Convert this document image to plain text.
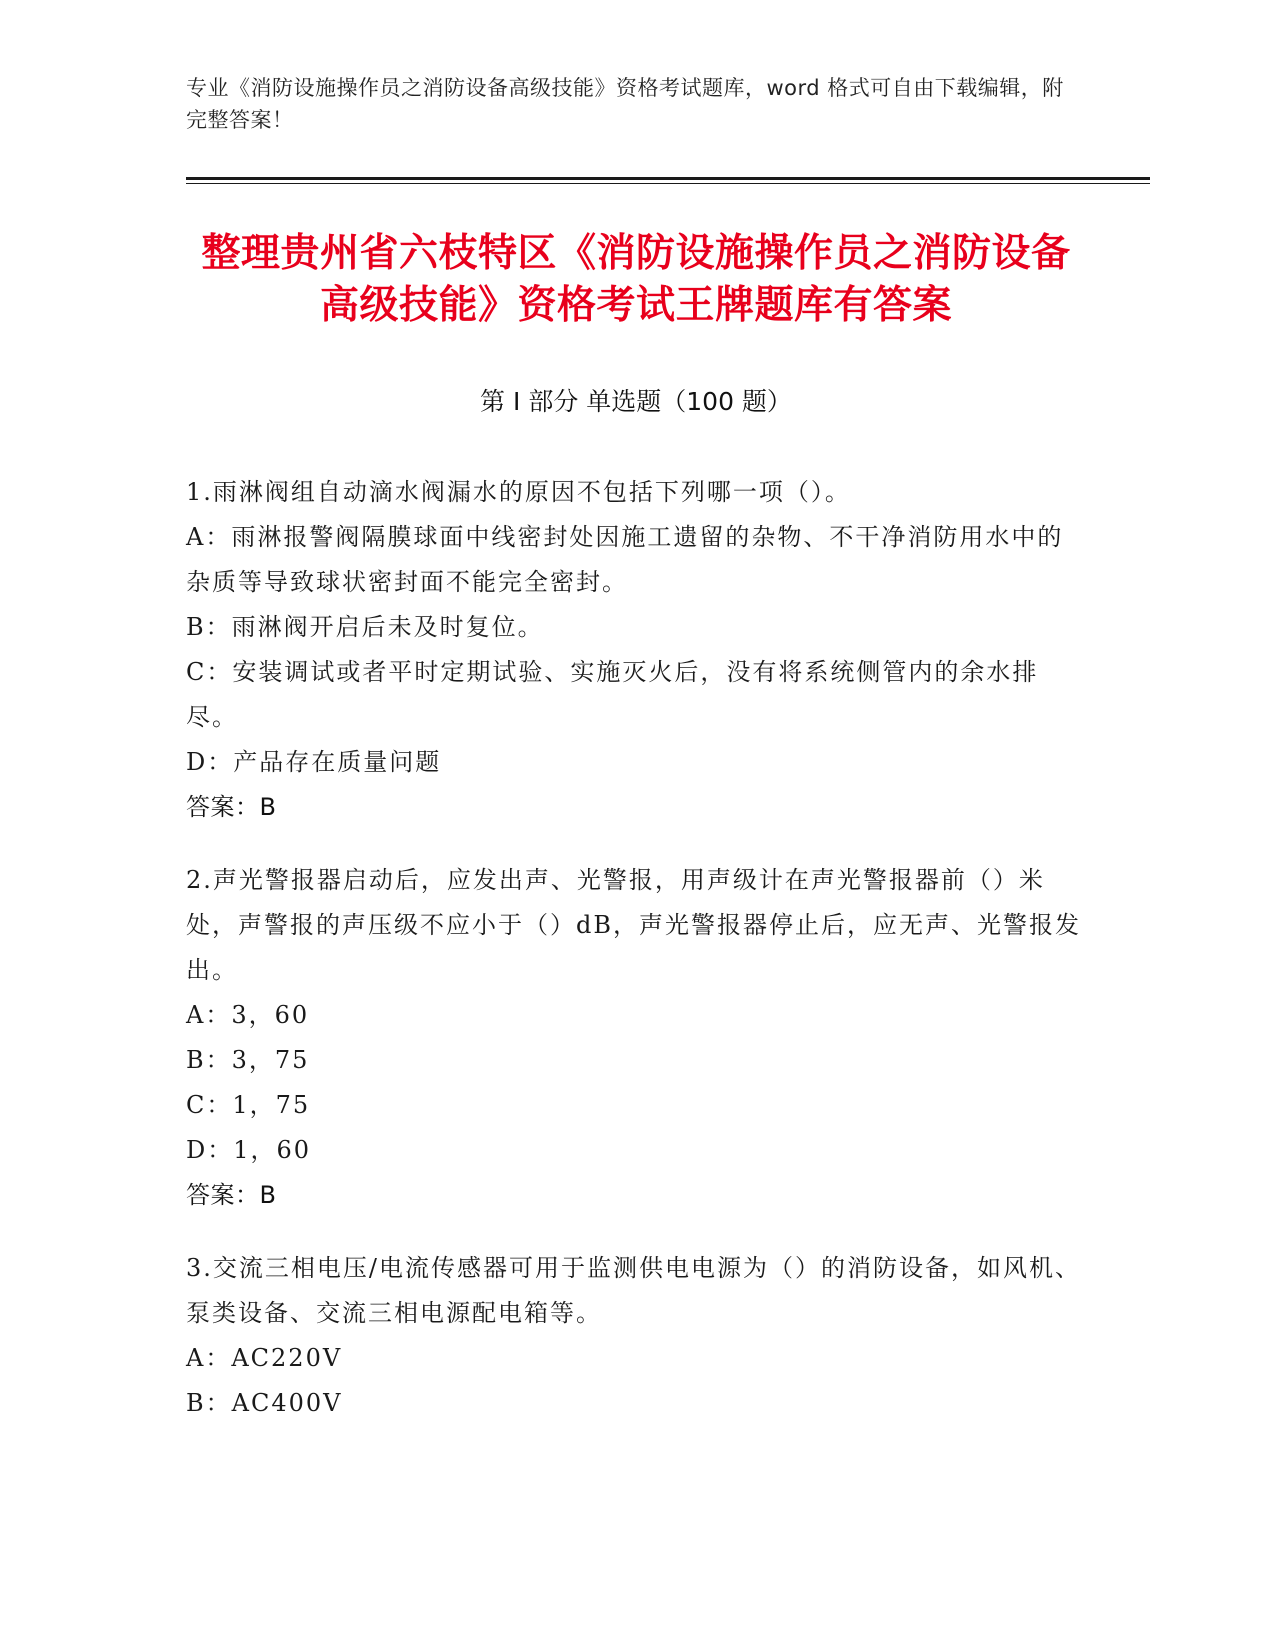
专业《消防设施操作员之消防设备高级技能》资格考试题库，word 格式可自由下载编辑，附完整答案！
整理贵州省六枝特区《消防设施操作员之消防设备高级技能》资格考试王牌题库有答案
第 I 部分 单选题（100 题）

1.雨淋阀组自动滴水阀漏水的原因不包括下列哪一项（）。

A：雨淋报警阀隔膜球面中线密封处因施工遗留的杂物、不干净消防用水中的杂质等导致球状密封面不能完全密封。

B：雨淋阀开启后未及时复位。

C：安装调试或者平时定期试验、实施灭火后，没有将系统侧管内的余水排尽。

D：产品存在质量问题

答案：B

2.声光警报器启动后，应发出声、光警报，用声级计在声光警报器前（）米处，声警报的声压级不应小于（）dB，声光警报器停止后，应无声、光警报发出。

A：3，60

B：3，75

C：1，75

D：1，60

答案：B

3.交流三相电压/电流传感器可用于监测供电电源为（）的消防设备，如风机、泵类设备、交流三相电源配电箱等。

A：AC220V

B：AC400V
